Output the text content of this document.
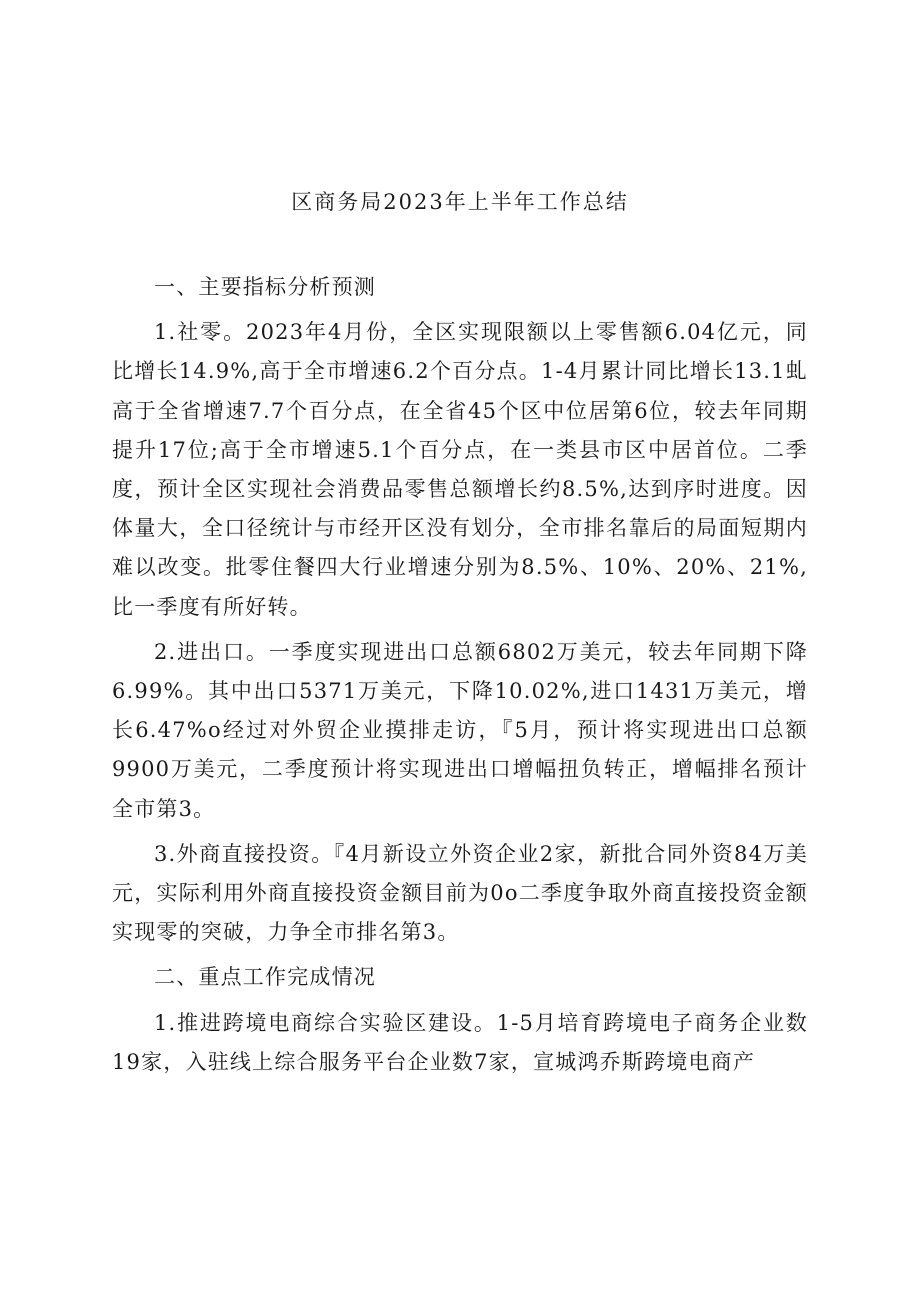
区商务局2023年上半年工作总结

一、主要指标分析预测

1.社零。2023年4月份，全区实现限额以上零售额6.04亿元，同比增长14.9%,高于全市增速6.2个百分点。1-4月累计同比增长13.1虬高于全省增速7.7个百分点，在全省45个区中位居第6位，较去年同期提升17位;高于全市增速5.1个百分点，在一类县市区中居首位。二季度，预计全区实现社会消费品零售总额增长约8.5%,达到序时进度。因体量大，全口径统计与市经开区没有划分，全市排名靠后的局面短期内难以改变。批零住餐四大行业增速分别为8.5%、10%、20%、21%,比一季度有所好转。

2.进出口。一季度实现进出口总额6802万美元，较去年同期下降6.99%。其中出口5371万美元，下降10.02%,进口1431万美元，增长6.47%o经过对外贸企业摸排走访，『5月，预计将实现进出口总额9900万美元，二季度预计将实现进出口增幅扭负转正，增幅排名预计全市第3。

3.外商直接投资。『4月新设立外资企业2家，新批合同外资84万美元，实际利用外商直接投资金额目前为0o二季度争取外商直接投资金额实现零的突破，力争全市排名第3。

二、重点工作完成情况

1.推进跨境电商综合实验区建设。1-5月培育跨境电子商务企业数19家，入驻线上综合服务平台企业数7家，宣城鸿乔斯跨境电商产
